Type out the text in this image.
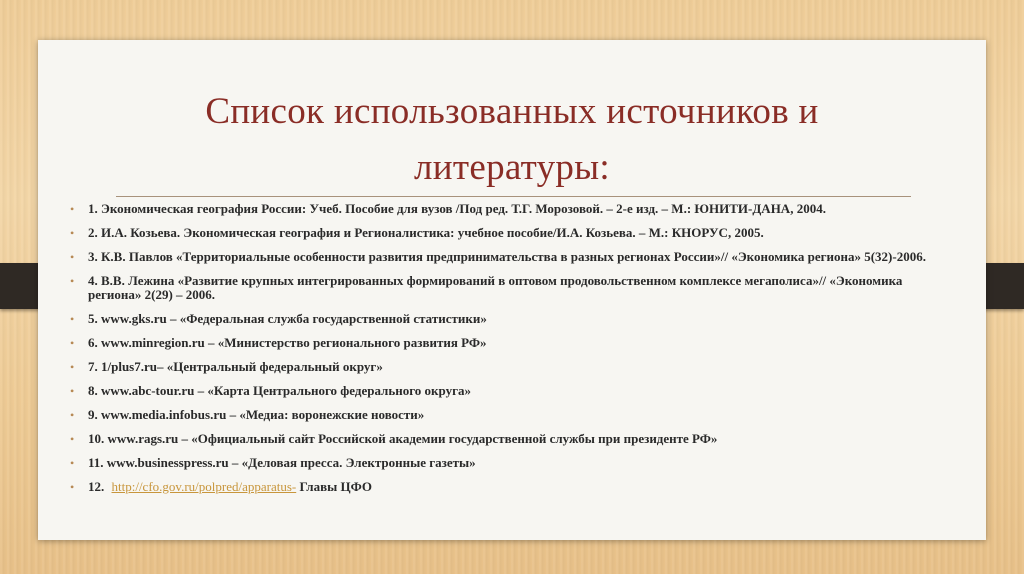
Список использованных источников и
литературы:
• 1. Экономическая география России: Учеб. Пособие для вузов /Под ред. Т.Г. Морозовой. – 2-е изд. – М.: ЮНИТИ-ДАНА, 2004.
• 2. И.А. Козьева. Экономическая география и Регионалистика: учебное пособие/И.А. Козьева. – М.: КНОРУС, 2005.
• 3. К.В. Павлов «Территориальные особенности развития предпринимательства в разных регионах России»// «Экономика региона» 5(32)-2006.
• 4. В.В. Лежина «Развитие крупных интегрированных формирований в оптовом продовольственном комплексе мегаполиса»// «Экономика региона» 2(29) – 2006.
• 5. www.gks.ru – «Федеральная служба государственной статистики»
• 6. www.minregion.ru – «Министерство регионального развития РФ»
• 7. 1/plus7.ru– «Центральный федеральный округ»
• 8. www.abc-tour.ru – «Карта Центрального федерального округа»
• 9. www.media.infobus.ru – «Медиа: воронежские новости»
• 10. www.rags.ru – «Официальный сайт Российской академии государственной службы при президенте РФ»
• 11. www.businesspress.ru – «Деловая пресса. Электронные газеты»
• 12. http://cfo.gov.ru/polpred/apparatus- Главы ЦФО
